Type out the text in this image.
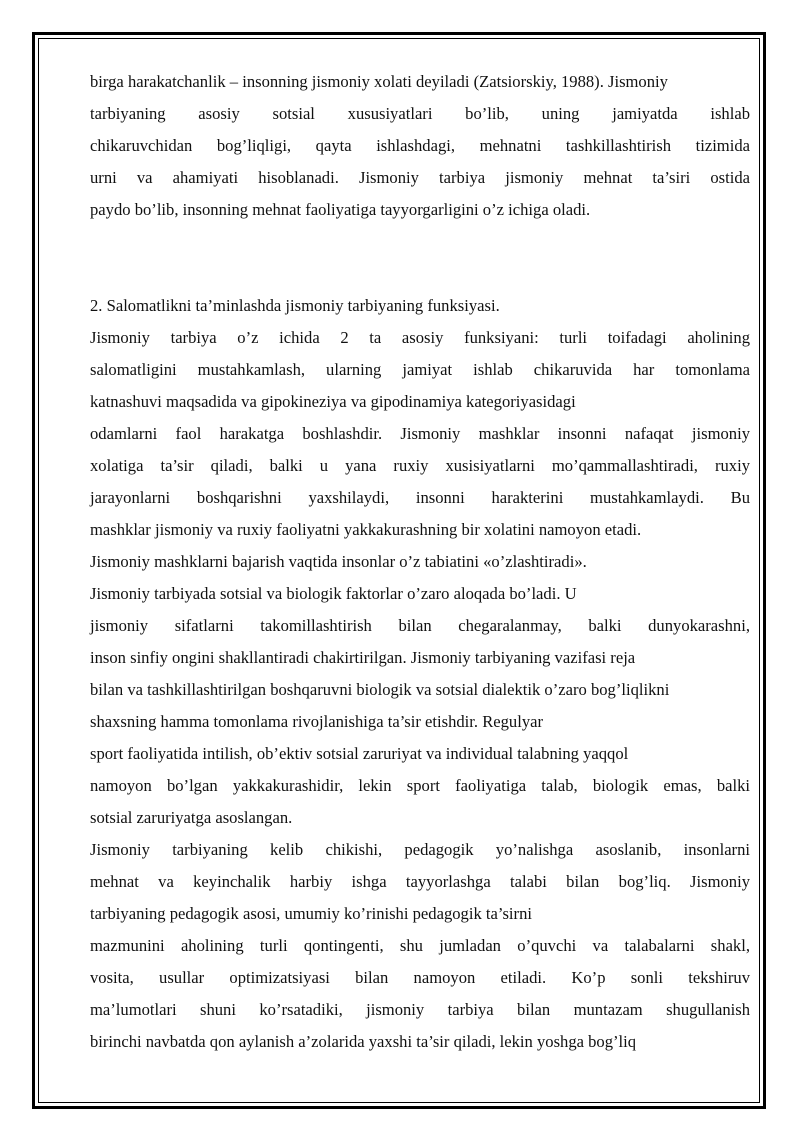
birga harakatchanlik – insonning jismoniy xolati deyiladi (Zatsiorskiy, 1988). Jismoniy
tarbiyaning asosiy sotsial xususiyatlari bo’lib, uning jamiyatda ishlab
chikaruvchidan bog’liqligi, qayta ishlashdagi, mehnatni tashkillashtirish tizimida
urni va ahamiyati hisoblanadi. Jismoniy tarbiya jismoniy mehnat ta’siri ostida
paydo bo’lib, insonning mehnat faoliyatiga tayyorgarligini o’z ichiga oladi.
2. Salomatlikni ta’minlashda jismoniy tarbiyaning funksiyasi.
Jismoniy tarbiya o’z ichida 2 ta asosiy funksiyani: turli toifadagi aholining
salomatligini mustahkamlash, ularning jamiyat ishlab chikaruvida har tomonlama
katnashuvi maqsadida va gipokineziya va gipodinamiya kategoriyasidagi
odamlarni faol harakatga boshlashdir. Jismoniy mashklar insonni nafaqat jismoniy
xolatiga ta’sir qiladi, balki u yana ruxiy xusisiyatlarni mo’qammallashtiradi, ruxiy
jarayonlarni boshqarishni yaxshilaydi, insonni harakterini mustahkamlaydi. Bu
mashklar jismoniy va ruxiy faoliyatni yakkakurashning bir xolatini namoyon etadi.
Jismoniy mashklarni bajarish vaqtida insonlar o’z tabiatini «o’zlashtiradi».
Jismoniy tarbiyada sotsial va biologik faktorlar o’zaro aloqada bo’ladi. U
jismoniy sifatlarni takomillashtirish bilan chegaralanmay, balki dunyokarashni,
inson sinfiy ongini shakllantiradi chakirtirilgan. Jismoniy tarbiyaning vazifasi reja
bilan va tashkillashtirilgan boshqaruvni biologik va sotsial dialektik o’zaro bog’liqlikni
shaxsning hamma tomonlama rivojlanishiga ta’sir etishdir. Regulyar
sport faoliyatida intilish, ob’ektiv sotsial zaruriyat va individual talabning yaqqol
namoyon bo’lgan yakkakurashidir, lekin sport faoliyatiga talab, biologik emas, balki
sotsial zaruriyatga asoslangan.
Jismoniy tarbiyaning kelib chikishi, pedagogik yo’nalishga asoslanib, insonlarni
mehnat va keyinchalik harbiy ishga tayyorlashga talabi bilan bog’liq. Jismoniy
tarbiyaning pedagogik asosi, umumiy ko’rinishi pedagogik ta’sirni
mazmunini aholining turli qontingenti, shu jumladan o’quvchi va talabalarni shakl,
vosita, usullar optimizatsiyasi bilan namoyon etiladi. Ko’p sonli tekshiruv
ma’lumotlari shuni ko’rsatadiki, jismoniy tarbiya bilan muntazam shugullanish
birinchi navbatda qon aylanish a’zolarida yaxshi ta’sir qiladi, lekin yoshga bog’liq
